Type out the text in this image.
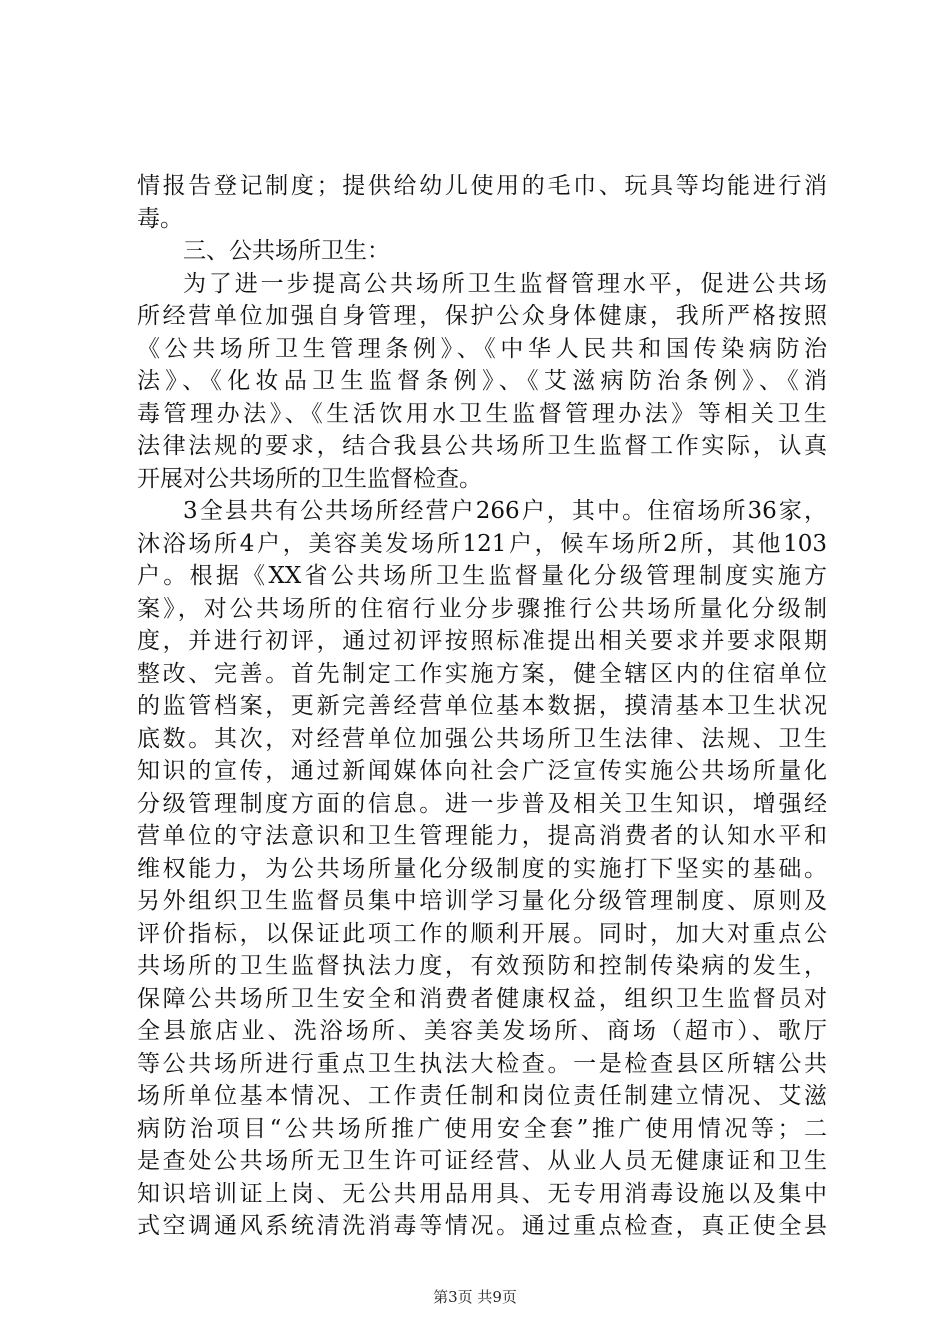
情报告登记制度；提供给幼儿使用的毛巾、玩具等均能进行消
毒。
三、公共场所卫生：
为了进一步提高公共场所卫生监督管理水平，促进公共场
所经营单位加强自身管理，保护公众身体健康，我所严格按照
《公共场所卫生管理条例》、《中华人民共和国传染病防治
法》、《化妆品卫生监督条例》、《艾滋病防治条例》、《消
毒管理办法》、《生活饮用水卫生监督管理办法》等相关卫生
法律法规的要求，结合我县公共场所卫生监督工作实际，认真
开展对公共场所的卫生监督检查。
3全县共有公共场所经营户266户，其中。住宿场所36家，
沐浴场所4户，美容美发场所121户，候车场所2所，其他103
户。根据《XX省公共场所卫生监督量化分级管理制度实施方
案》，对公共场所的住宿行业分步骤推行公共场所量化分级制
度，并进行初评，通过初评按照标准提出相关要求并要求限期
整改、完善。首先制定工作实施方案，健全辖区内的住宿单位
的监管档案，更新完善经营单位基本数据，摸清基本卫生状况
底数。其次，对经营单位加强公共场所卫生法律、法规、卫生
知识的宣传，通过新闻媒体向社会广泛宣传实施公共场所量化
分级管理制度方面的信息。进一步普及相关卫生知识，增强经
营单位的守法意识和卫生管理能力，提高消费者的认知水平和
维权能力，为公共场所量化分级制度的实施打下坚实的基础。
另外组织卫生监督员集中培训学习量化分级管理制度、原则及
评价指标，以保证此项工作的顺利开展。同时，加大对重点公
共场所的卫生监督执法力度，有效预防和控制传染病的发生，
保障公共场所卫生安全和消费者健康权益，组织卫生监督员对
全县旅店业、洗浴场所、美容美发场所、商场（超市）、歌厅
等公共场所进行重点卫生执法大检查。一是检查县区所辖公共
场所单位基本情况、工作责任制和岗位责任制建立情况、艾滋
病防治项目“公共场所推广使用安全套”推广使用情况等；二
是查处公共场所无卫生许可证经营、从业人员无健康证和卫生
知识培训证上岗、无公共用品用具、无专用消毒设施以及集中
式空调通风系统清洗消毒等情况。通过重点检查，真正使全县
第3页 共9页
